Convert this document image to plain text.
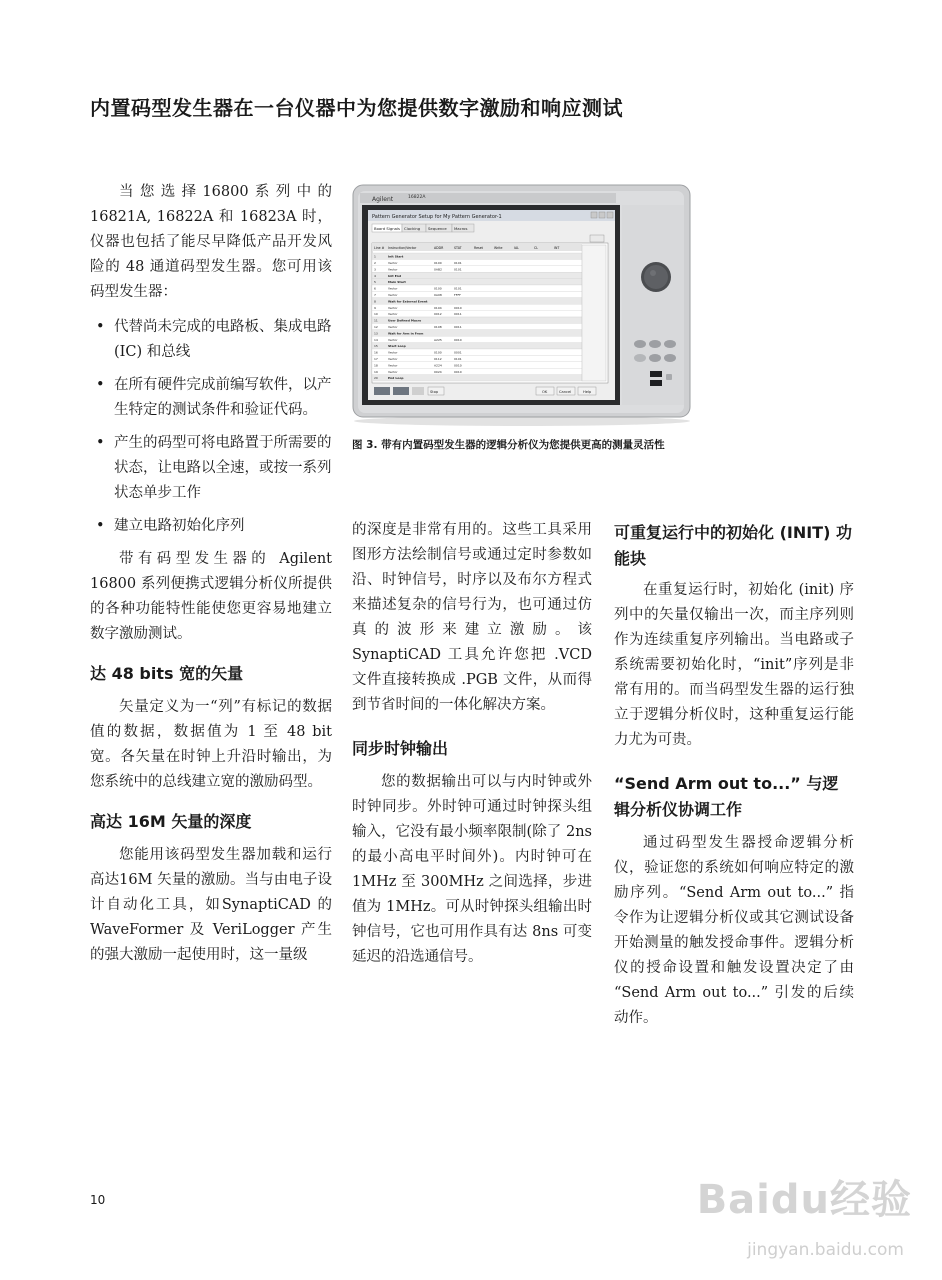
内置码型发生器在一台仪器中为您提供数字激励和响应测试
Agilent	16822A
Pattern Generator Setup for My Pattern Generator-1
Board Signals Clocking Sequence Macros
Line # Instruction/Vector	ADDR	STAT	Reset	Write	IAL	CL	INT
1	Init Start
2	Vector	0100	0101
3	Vector	0AB2	0101
4	Init End
5	Main Start
6	Vector	0100	0101
7	Vector	0A08	FFFF
8	Wait for External Event
9	Vector	0104	0010
10	Vector	0012	0011
11	User Defined Macro
12	Vector	0108	0011
13	Wait for Arm in From
14	Vector	A225	0010
15	Start Loop
16	Vector	0100	0001
17	Vector	0112	0101
18	Vector	A224	0010
19	Vector	0024	0010
20	End Loop
Stop	OK	Cancel	Help
图 3. 带有内置码型发生器的逻辑分析仪为您提供更高的测量灵活性

当您选择16800系列中的16821A, 16822A 和 16823A 时，仪器也包括了能尽早降低产品开发风险的 48 通道码型发生器。您可用该码型发生器：

• 代替尚未完成的电路板、集成电路 (IC) 和总线
• 在所有硬件完成前编写软件，以产生特定的测试条件和验证代码。
• 产生的码型可将电路置于所需要的状态，让电路以全速，或按一系列状态单步工作
• 建立电路初始化序列

带有码型发生器的 Agilent 16800 系列便携式逻辑分析仪所提供的各种功能特性能使您更容易地建立数字激励测试。

达 48 bits 宽的矢量

矢量定义为一“列”有标记的数据值的数据，数据值为 1 至 48 bit 宽。各矢量在时钟上升沿时输出，为您系统中的总线建立宽的激励码型。

高达 16M 矢量的深度

您能用该码型发生器加载和运行高达16M 矢量的激励。当与由电子设计自动化工具，如SynaptiCAD 的 WaveFormer 及 VeriLogger 产生的强大激励一起使用时，这一量级

的深度是非常有用的。这些工具采用图形方法绘制信号或通过定时参数如沿、时钟信号，时序以及布尔方程式来描述复杂的信号行为，也可通过仿真的波形来建立激励。该 SynaptiCAD 工具允许您把 .VCD 文件直接转换成 .PGB 文件，从而得到节省时间的一体化解决方案。

同步时钟输出

您的数据输出可以与内时钟或外时钟同步。外时钟可通过时钟探头组输入，它没有最小频率限制(除了 2ns 的最小高电平时间外)。内时钟可在 1MHz 至 300MHz 之间选择，步进值为 1MHz。可从时钟探头组输出时钟信号，它也可用作具有达 8ns 可变延迟的沿选通信号。

可重复运行中的初始化 (INIT) 功能块

在重复运行时，初始化 (init) 序列中的矢量仅输出一次，而主序列则作为连续重复序列输出。当电路或子系统需要初始化时，“init”序列是非常有用的。而当码型发生器的运行独立于逻辑分析仪时，这种重复运行能力尤为可贵。

“Send Arm out to...” 与逻辑分析仪协调工作

通过码型发生器授命逻辑分析仪，验证您的系统如何响应特定的激励序列。“Send Arm out to...” 指令作为让逻辑分析仪或其它测试设备开始测量的触发授命事件。逻辑分析仪的授命设置和触发设置决定了由 “Send Arm out to...” 引发的后续动作。

10	Baidu经验
jingyan.baidu.com
